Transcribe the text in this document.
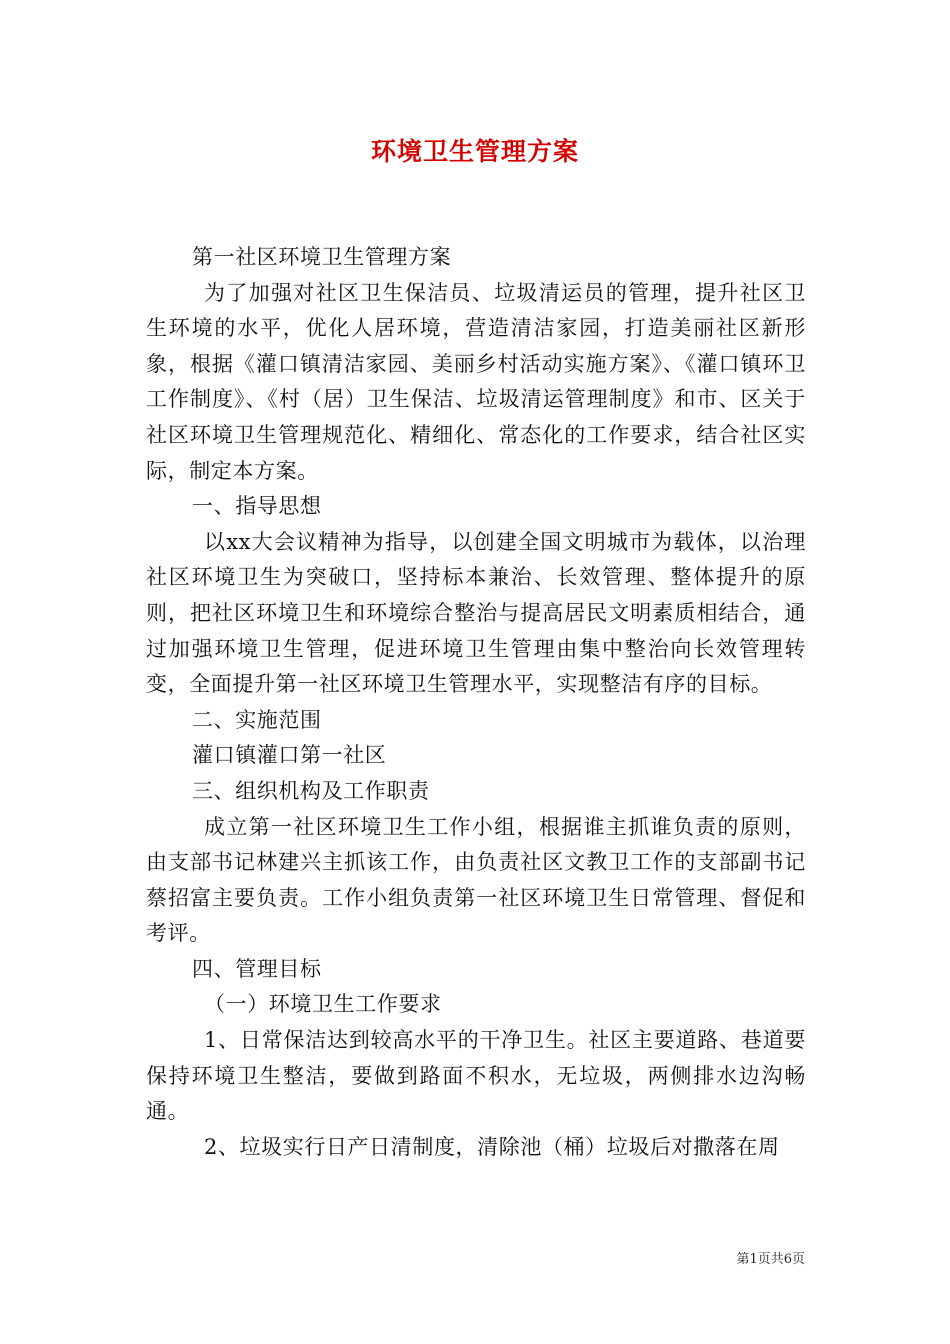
环境卫生管理方案

第一社区环境卫生管理方案

为了加强对社区卫生保洁员、垃圾清运员的管理，提升社区卫生环境的水平，优化人居环境，营造清洁家园，打造美丽社区新形象，根据《灌口镇清洁家园、美丽乡村活动实施方案》、《灌口镇环卫工作制度》、《村（居）卫生保洁、垃圾清运管理制度》和市、区关于社区环境卫生管理规范化、精细化、常态化的工作要求，结合社区实际，制定本方案。

一、指导思想

以xx大会议精神为指导，以创建全国文明城市为载体，以治理社区环境卫生为突破口，坚持标本兼治、长效管理、整体提升的原则，把社区环境卫生和环境综合整治与提高居民文明素质相结合，通过加强环境卫生管理，促进环境卫生管理由集中整治向长效管理转变，全面提升第一社区环境卫生管理水平，实现整洁有序的目标。

二、实施范围

灌口镇灌口第一社区

三、组织机构及工作职责

成立第一社区环境卫生工作小组，根据谁主抓谁负责的原则，由支部书记林建兴主抓该工作，由负责社区文教卫工作的支部副书记蔡招富主要负责。工作小组负责第一社区环境卫生日常管理、督促和考评。

四、管理目标

（一）环境卫生工作要求

1、日常保洁达到较高水平的干净卫生。社区主要道路、巷道要保持环境卫生整洁，要做到路面不积水，无垃圾，两侧排水边沟畅通。

2、垃圾实行日产日清制度，清除池（桶）垃圾后对撒落在周

第1页共6页
